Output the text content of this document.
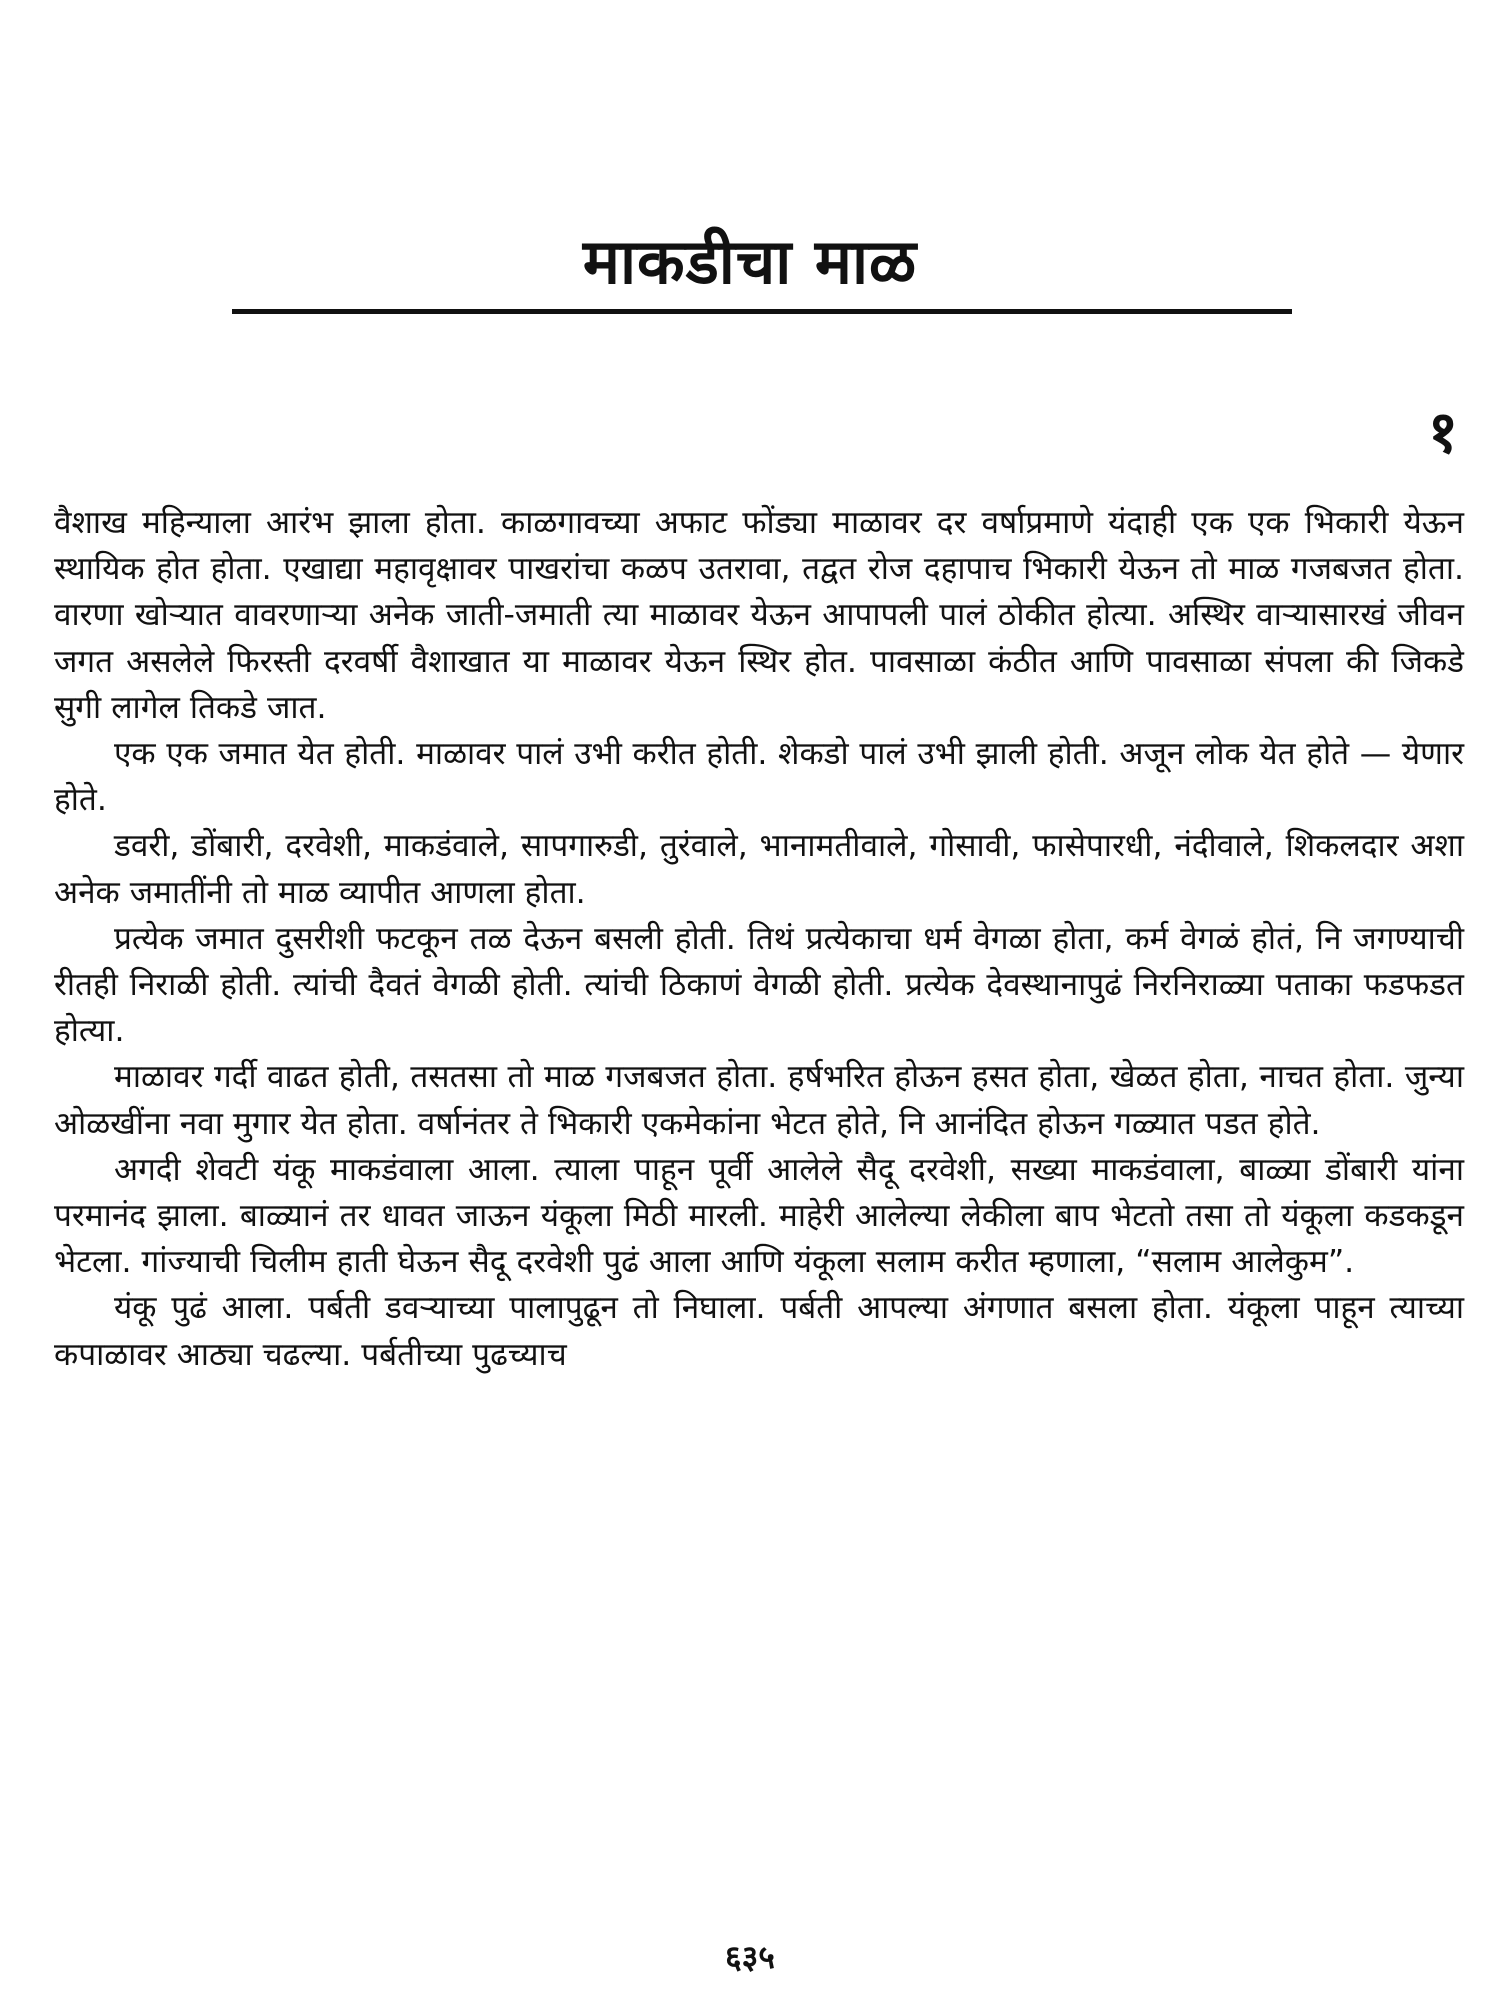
माकडीचा माळ
१

वैशाख महिन्याला आरंभ झाला होता. काळगावच्या अफाट फोंड्या माळावर दर वर्षाप्रमाणे यंदाही एक एक भिकारी येऊन स्थायिक होत होता. एखाद्या महावृक्षावर पाखरांचा कळप उतरावा, तद्वत रोज दहापाच भिकारी येऊन तो माळ गजबजत होता. वारणा खोऱ्यात वावरणाऱ्या अनेक जाती-जमाती त्या माळावर येऊन आपापली पालं ठोकीत होत्या. अस्थिर वाऱ्यासारखं जीवन जगत असलेले फिरस्ती दरवर्षी वैशाखात या माळावर येऊन स्थिर होत. पावसाळा कंठीत आणि पावसाळा संपला की जिकडे सुगी लागेल तिकडे जात.

एक एक जमात येत होती. माळावर पालं उभी करीत होती. शेकडो पालं उभी झाली होती. अजून लोक येत होते — येणार होते.

डवरी, डोंबारी, दरवेशी, माकडंवाले, सापगारुडी, तुरंवाले, भानामतीवाले, गोसावी, फासेपारधी, नंदीवाले, शिकलदार अशा अनेक जमातींनी तो माळ व्यापीत आणला होता.

प्रत्येक जमात दुसरीशी फटकून तळ देऊन बसली होती. तिथं प्रत्येकाचा धर्म वेगळा होता, कर्म वेगळं होतं, नि जगण्याची रीतही निराळी होती. त्यांची दैवतं वेगळी होती. त्यांची ठिकाणं वेगळी होती. प्रत्येक देवस्थानापुढं निरनिराळ्या पताका फडफडत होत्या.

माळावर गर्दी वाढत होती, तसतसा तो माळ गजबजत होता. हर्षभरित होऊन हसत होता, खेळत होता, नाचत होता. जुन्या ओळखींना नवा मुगार येत होता. वर्षानंतर ते भिकारी एकमेकांना भेटत होते, नि आनंदित होऊन गळ्यात पडत होते.

अगदी शेवटी यंकू माकडंवाला आला. त्याला पाहून पूर्वी आलेले सैदू दरवेशी, सख्या माकडंवाला, बाळ्या डोंबारी यांना परमानंद झाला. बाळ्यानं तर धावत जाऊन यंकूला मिठी मारली. माहेरी आलेल्या लेकीला बाप भेटतो तसा तो यंकूला कडकडून भेटला. गांज्याची चिलीम हाती घेऊन सैदू दरवेशी पुढं आला आणि यंकूला सलाम करीत म्हणाला, “सलाम आलेकुम”.

यंकू पुढं आला. पर्बती डवऱ्याच्या पालापुढून तो निघाला. पर्बती आपल्या अंगणात बसला होता. यंकूला पाहून त्याच्या कपाळावर आठ्या चढल्या. पर्बतीच्या पुढच्याच

६३५
